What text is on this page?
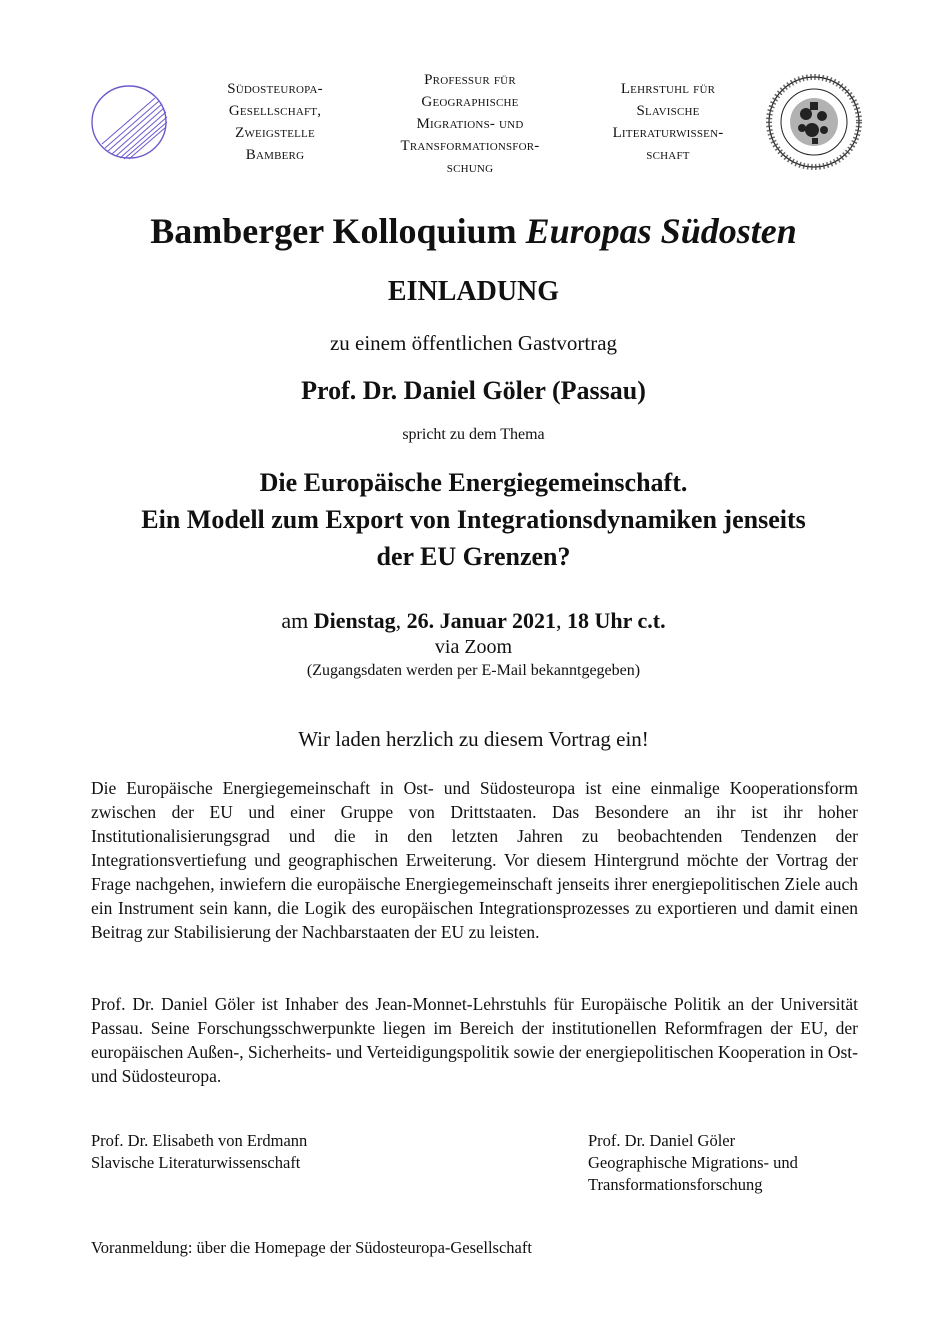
Südosteuropa-
Gesellschaft,
Zweigstelle
Bamberg
Professur für
Geographische
Migrations- und
Transformationsfor-
schung
Lehrstuhl für
Slavische
Literaturwissen-
schaft
Bamberger Kolloquium Europas Südosten
EINLADUNG
zu einem öffentlichen Gastvortrag
Prof. Dr. Daniel Göler (Passau)
spricht zu dem Thema
Die Europäische Energiegemeinschaft.
Ein Modell zum Export von Integrationsdynamiken jenseits
der EU Grenzen?
am Dienstag, 26. Januar 2021, 18 Uhr c.t.
via Zoom
(Zugangsdaten werden per E-Mail bekanntgegeben)
Wir laden herzlich zu diesem Vortrag ein!

Die Europäische Energiegemeinschaft in Ost- und Südosteuropa ist eine einmalige Kooperationsform zwischen der EU und einer Gruppe von Drittstaaten. Das Besondere an ihr ist ihr hoher Institutionalisierungsgrad und die in den letzten Jahren zu beobachtenden Tendenzen der Integrationsvertiefung und geographischen Erweiterung. Vor diesem Hintergrund möchte der Vortrag der Frage nachgehen, inwiefern die europäische Energiegemeinschaft jenseits ihrer energiepolitischen Ziele auch ein Instrument sein kann, die Logik des europäischen Integrationsprozesses zu exportieren und damit einen Beitrag zur Stabilisierung der Nachbarstaaten der EU zu leisten.

Prof. Dr. Daniel Göler ist Inhaber des Jean-Monnet-Lehrstuhls für Europäische Politik an der Universität Passau. Seine Forschungsschwerpunkte liegen im Bereich der institutionellen Reformfragen der EU, der europäischen Außen-, Sicherheits- und Verteidigungspolitik sowie der energiepolitischen Kooperation in Ost- und Südosteuropa.

Prof. Dr. Elisabeth von Erdmann
Slavische Literaturwissenschaft
Prof. Dr. Daniel Göler
Geographische Migrations- und
Transformationsforschung
Voranmeldung: über die Homepage der Südosteuropa-Gesellschaft
